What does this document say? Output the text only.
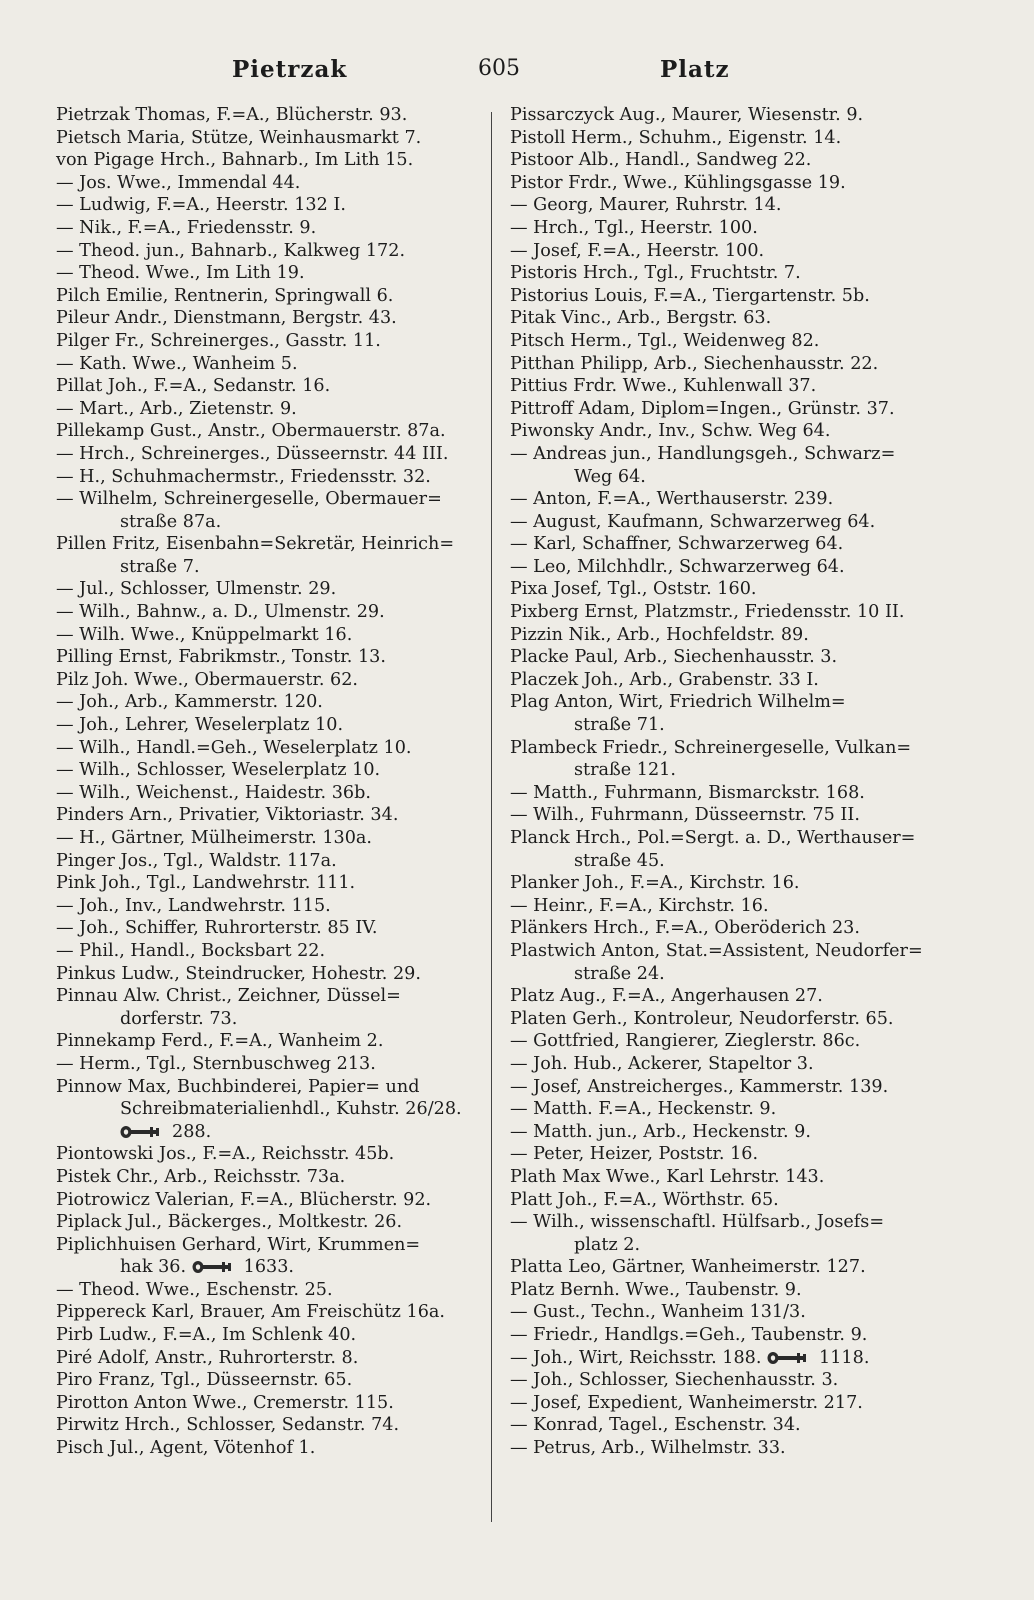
Pietrzak	605	Platz
Pietrzak Thomas, F.=A., Blücherstr. 93.
Pietsch Maria, Stütze, Weinhausmarkt 7.
von Pigage Hrch., Bahnarb., Im Lith 15.
— Jos. Wwe., Immendal 44.
— Ludwig, F.=A., Heerstr. 132 I.
— Nik., F.=A., Friedensstr. 9.
— Theod. jun., Bahnarb., Kalkweg 172.
— Theod. Wwe., Im Lith 19.
Pilch Emilie, Rentnerin, Springwall 6.
Pileur Andr., Dienstmann, Bergstr. 43.
Pilger Fr., Schreinerges., Gasstr. 11.
— Kath. Wwe., Wanheim 5.
Pillat Joh., F.=A., Sedanstr. 16.
— Mart., Arb., Zietenstr. 9.
Pillekamp Gust., Anstr., Obermauerstr. 87a.
— Hrch., Schreinerges., Düsseernstr. 44 III.
— H., Schuhmachermstr., Friedensstr. 32.
— Wilhelm, Schreinergeselle, Obermauer=
straße 87a.
Pillen Fritz, Eisenbahn=Sekretär, Heinrich=
straße 7.
— Jul., Schlosser, Ulmenstr. 29.
— Wilh., Bahnw., a. D., Ulmenstr. 29.
— Wilh. Wwe., Knüppelmarkt 16.
Pilling Ernst, Fabrikmstr., Tonstr. 13.
Pilz Joh. Wwe., Obermauerstr. 62.
— Joh., Arb., Kammerstr. 120.
— Joh., Lehrer, Weselerplatz 10.
— Wilh., Handl.=Geh., Weselerplatz 10.
— Wilh., Schlosser, Weselerplatz 10.
— Wilh., Weichenst., Haidestr. 36b.
Pinders Arn., Privatier, Viktoriastr. 34.
— H., Gärtner, Mülheimerstr. 130a.
Pinger Jos., Tgl., Waldstr. 117a.
Pink Joh., Tgl., Landwehrstr. 111.
— Joh., Inv., Landwehrstr. 115.
— Joh., Schiffer, Ruhrorterstr. 85 IV.
— Phil., Handl., Bocksbart 22.
Pinkus Ludw., Steindrucker, Hohestr. 29.
Pinnau Alw. Christ., Zeichner, Düssel=
dorferstr. 73.
Pinnekamp Ferd., F.=A., Wanheim 2.
— Herm., Tgl., Sternbuschweg 213.
Pinnow Max, Buchbinderei, Papier= und
Schreibmaterialienhdl., Kuhstr. 26/28.
288.
Piontowski Jos., F.=A., Reichsstr. 45b.
Pistek Chr., Arb., Reichsstr. 73a.
Piotrowicz Valerian, F.=A., Blücherstr. 92.
Piplack Jul., Bäckerges., Moltkestr. 26.
Piplichhuisen Gerhard, Wirt, Krummen=
hak 36.	1633.
— Theod. Wwe., Eschenstr. 25.
Pippereck Karl, Brauer, Am Freischütz 16a.
Pirb Ludw., F.=A., Im Schlenk 40.
Piré Adolf, Anstr., Ruhrorterstr. 8.
Piro Franz, Tgl., Düsseernstr. 65.
Pirotton Anton Wwe., Cremerstr. 115.
Pirwitz Hrch., Schlosser, Sedanstr. 74.
Pisch Jul., Agent, Vötenhof 1.
Pissarczyck Aug., Maurer, Wiesenstr. 9.
Pistoll Herm., Schuhm., Eigenstr. 14.
Pistoor Alb., Handl., Sandweg 22.
Pistor Frdr., Wwe., Kühlingsgasse 19.
— Georg, Maurer, Ruhrstr. 14.
— Hrch., Tgl., Heerstr. 100.
— Josef, F.=A., Heerstr. 100.
Pistoris Hrch., Tgl., Fruchtstr. 7.
Pistorius Louis, F.=A., Tiergartenstr. 5b.
Pitak Vinc., Arb., Bergstr. 63.
Pitsch Herm., Tgl., Weidenweg 82.
Pitthan Philipp, Arb., Siechenhausstr. 22.
Pittius Frdr. Wwe., Kuhlenwall 37.
Pittroff Adam, Diplom=Ingen., Grünstr. 37.
Piwonsky Andr., Inv., Schw. Weg 64.
— Andreas jun., Handlungsgeh., Schwarz=
Weg 64.
— Anton, F.=A., Werthauserstr. 239.
— August, Kaufmann, Schwarzerweg 64.
— Karl, Schaffner, Schwarzerweg 64.
— Leo, Milchhdlr., Schwarzerweg 64.
Pixa Josef, Tgl., Oststr. 160.
Pixberg Ernst, Platzmstr., Friedensstr. 10 II.
Pizzin Nik., Arb., Hochfeldstr. 89.
Placke Paul, Arb., Siechenhausstr. 3.
Placzek Joh., Arb., Grabenstr. 33 I.
Plag Anton, Wirt, Friedrich Wilhelm=
straße 71.
Plambeck Friedr., Schreinergeselle, Vulkan=
straße 121.
— Matth., Fuhrmann, Bismarckstr. 168.
— Wilh., Fuhrmann, Düsseernstr. 75 II.
Planck Hrch., Pol.=Sergt. a. D., Werthauser=
straße 45.
Planker Joh., F.=A., Kirchstr. 16.
— Heinr., F.=A., Kirchstr. 16.
Plänkers Hrch., F.=A., Oberöderich 23.
Plastwich Anton, Stat.=Assistent, Neudorfer=
straße 24.
Platz Aug., F.=A., Angerhausen 27.
Platen Gerh., Kontroleur, Neudorferstr. 65.
— Gottfried, Rangierer, Zieglerstr. 86c.
— Joh. Hub., Ackerer, Stapeltor 3.
— Josef, Anstreicherges., Kammerstr. 139.
— Matth. F.=A., Heckenstr. 9.
— Matth. jun., Arb., Heckenstr. 9.
— Peter, Heizer, Poststr. 16.
Plath Max Wwe., Karl Lehrstr. 143.
Platt Joh., F.=A., Wörthstr. 65.
— Wilh., wissenschaftl. Hülfsarb., Josefs=
platz 2.
Platta Leo, Gärtner, Wanheimerstr. 127.
Platz Bernh. Wwe., Taubenstr. 9.
— Gust., Techn., Wanheim 131/3.
— Friedr., Handlgs.=Geh., Taubenstr. 9.
— Joh., Wirt, Reichsstr. 188.	1118.
— Joh., Schlosser, Siechenhausstr. 3.
— Josef, Expedient, Wanheimerstr. 217.
— Konrad, Tagel., Eschenstr. 34.
— Petrus, Arb., Wilhelmstr. 33.
